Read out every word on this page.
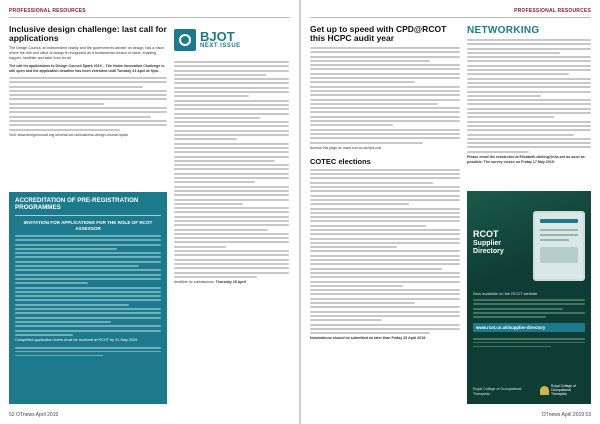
PROFESSIONAL RESOURCES
Inclusive design challenge: last call for applications
The Design Council, an independent charity and the government's adviser on design, has a vision where the role and value of design is recognised as a fundamental creator of value, enabling happier, healthier and safer lives for all.
The call for applications to Design Council Spark 2019 – The Home Innovation Challenge is still open and the application deadline has been extended until Tuesday 23 April at 5pm.
Visit: www.designcouncil.org.uk/what-we-do/business-design-council-spark
BJOT
NEXT ISSUE
deadline for submissions: Thursday 25 April
ACCREDITATION OF PRE-REGISTRATION PROGRAMMES
INVITATION FOR APPLICATIONS FOR THE ROLE OF RCOT ASSESSOR
Completed application forms must be received at RCOT by 31 May 2019.
52 OTnews April 2019
PROFESSIONAL RESOURCES
Get up to speed with CPD@RCOT this HCPC audit year
Access this page at: www.rcot.co.uk/cpd-rcot
COTEC elections
Nominations should be submitted no later than Friday 26 April 2019.
NETWORKING
Please email the researcher at Elizabeth.whiting@nhs.net as soon as possible. The survey closes on Friday 17 May 2019.
RCOT
Supplier Directory
Now available on the RCOT website
www.rcot.co.uk/supplier-directory
Royal College of Occupational Therapists
Royal College of Occupational Therapists
OTnews April 2019 53
